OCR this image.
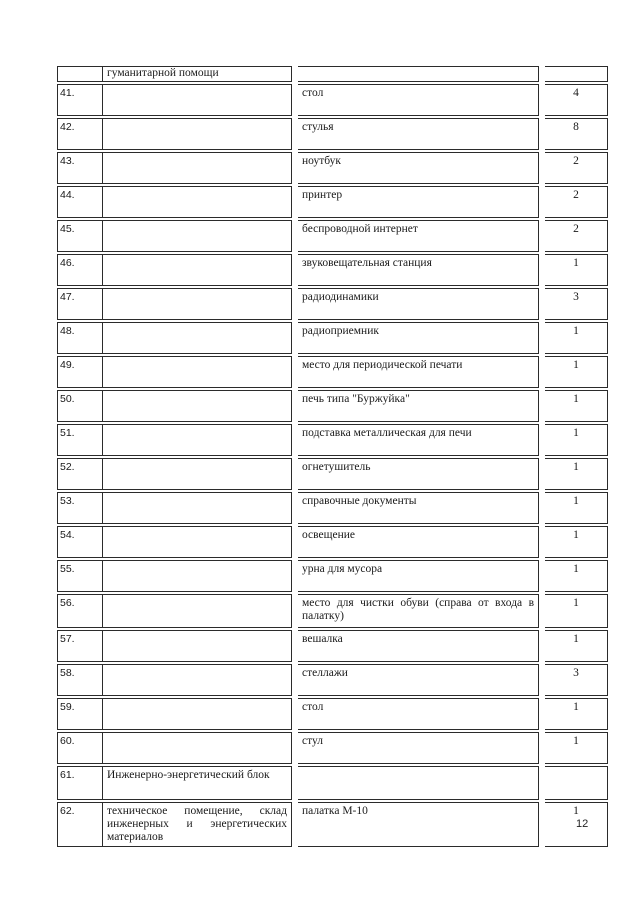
	гуманитарной помощи				
41.			стол		4
42.			стулья		8
43.			ноутбук		2
44.			принтер		2
45.			беспроводной интернет		2
46.			звуковещательная станция		1
47.			радиодинамики		3
48.			радиоприемник		1
49.			место для периодической печати		1
50.			печь типа "Буржуйка"		1
51.			подставка металлическая для печи		1
52.			огнетушитель		1
53.			справочные документы		1
54.			освещение		1
55.			урна для мусора		1
56.			место для чистки обуви (справа от входа в палатку)		1
57.			вешалка		1
58.			стеллажи		3
59.			стол		1
60.			стул		1
61.	Инженерно-энергетический блок				
62.	техническое помещение, склад инженерных и энергетических материалов		палатка М-10		1
12
